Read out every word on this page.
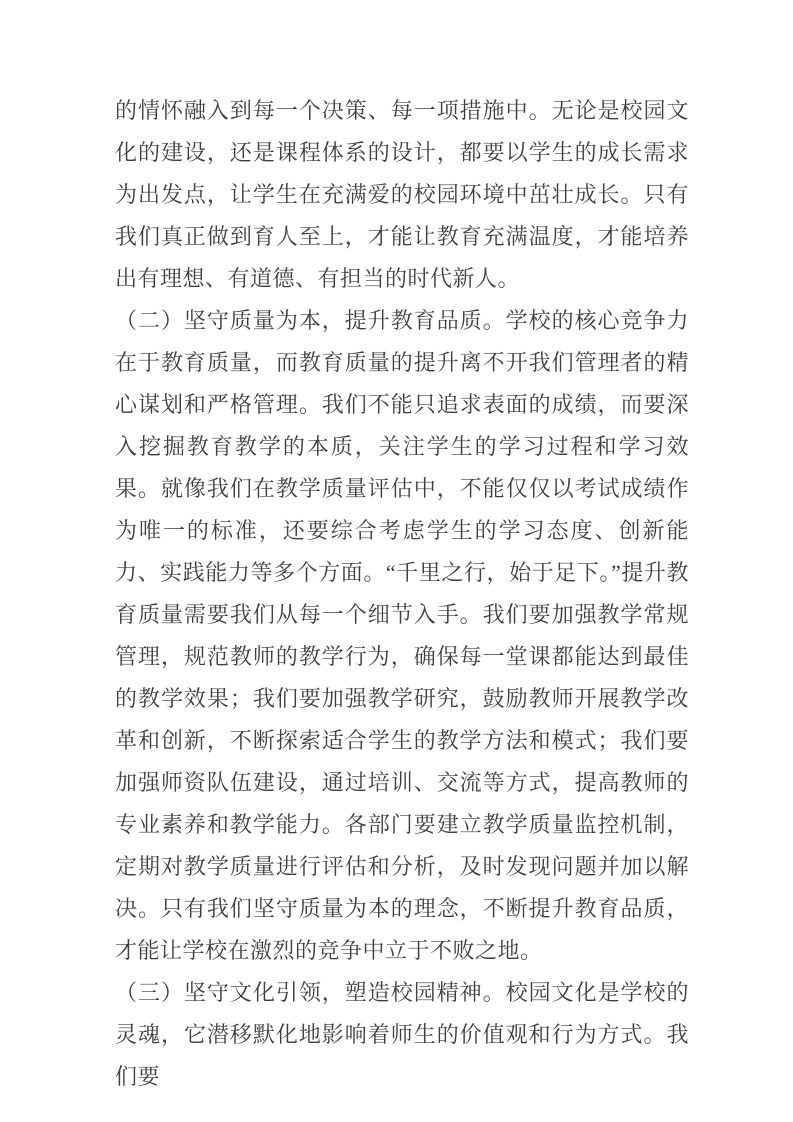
的情怀融入到每一个决策、每一项措施中。无论是校园文化的建设，还是课程体系的设计，都要以学生的成长需求为出发点，让学生在充满爱的校园环境中茁壮成长。只有我们真正做到育人至上，才能让教育充满温度，才能培养出有理想、有道德、有担当的时代新人。

（二）坚守质量为本，提升教育品质。学校的核心竞争力在于教育质量，而教育质量的提升离不开我们管理者的精心谋划和严格管理。我们不能只追求表面的成绩，而要深入挖掘教育教学的本质，关注学生的学习过程和学习效果。就像我们在教学质量评估中，不能仅仅以考试成绩作为唯一的标准，还要综合考虑学生的学习态度、创新能力、实践能力等多个方面。“千里之行，始于足下。”提升教育质量需要我们从每一个细节入手。我们要加强教学常规管理，规范教师的教学行为，确保每一堂课都能达到最佳的教学效果；我们要加强教学研究，鼓励教师开展教学改革和创新，不断探索适合学生的教学方法和模式；我们要加强师资队伍建设，通过培训、交流等方式，提高教师的专业素养和教学能力。各部门要建立教学质量监控机制，定期对教学质量进行评估和分析，及时发现问题并加以解决。只有我们坚守质量为本的理念，不断提升教育品质，才能让学校在激烈的竞争中立于不败之地。

（三）坚守文化引领，塑造校园精神。校园文化是学校的灵魂，它潜移默化地影响着师生的价值观和行为方式。我们要
